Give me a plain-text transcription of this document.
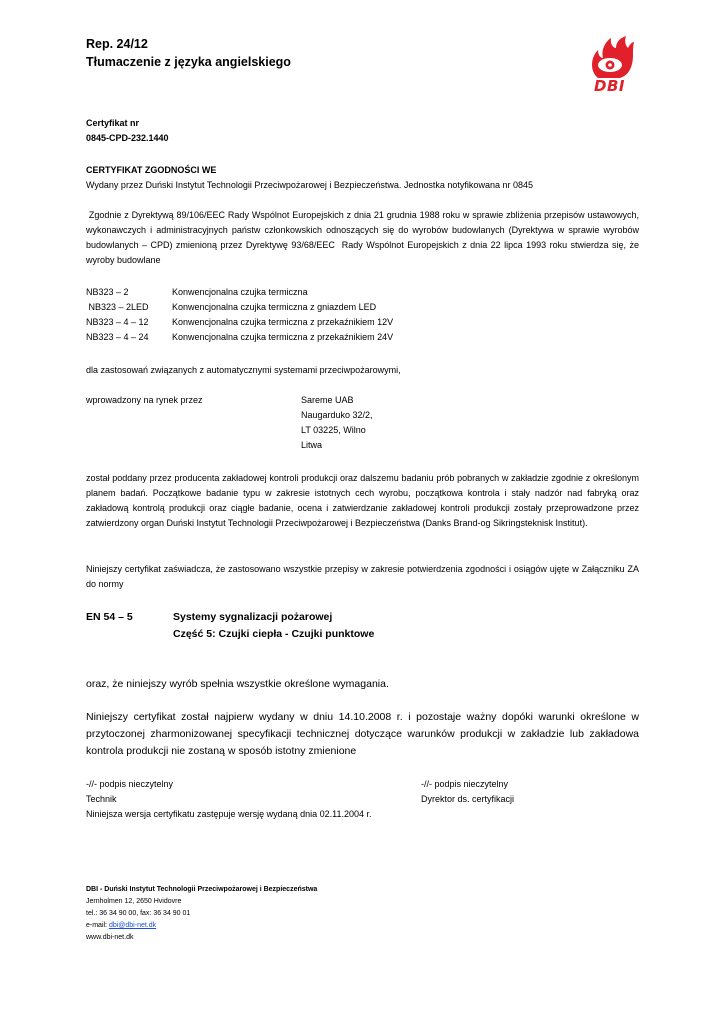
Rep. 24/12
Tłumaczenie z języka angielskiego
DBI
Certyfikat nr
0845-CPD-232.1440
CERTYFIKAT ZGODNOŚCI WE
Wydany przez Duński Instytut Technologii Przeciwpożarowej i Bezpieczeństwa. Jednostka notyfikowana nr 0845
Zgodnie z Dyrektywą 89/106/EEC Rady Wspólnot Europejskich z dnia 21 grudnia 1988 roku w sprawie zbliżenia przepisów ustawowych, wykonawczych i administracyjnych państw członkowskich odnoszących się do wyrobów budowlanych (Dyrektywa w sprawie wyrobów budowlanych – CPD) zmienioną przez Dyrektywę 93/68/EEC  Rady Wspólnot Europejskich z dnia 22 lipca 1993 roku stwierdza się, że wyroby budowlane
NB323 – 2	Konwencjonalna czujka termiczna
NB323 – 2LED	Konwencjonalna czujka termiczna z gniazdem LED
NB323 – 4 – 12	Konwencjonalna czujka termiczna z przekaźnikiem 12V
NB323 – 4 – 24	Konwencjonalna czujka termiczna z przekaźnikiem 24V
dla zastosowań związanych z automatycznymi systemami przeciwpożarowymi,
wprowadzony na rynek przez	Sareme UAB
Naugarduko 32/2,
LT 03225, Wilno
Litwa
został poddany przez producenta zakładowej kontroli produkcji oraz dalszemu badaniu prób pobranych w zakładzie zgodnie z określonym planem badań. Początkowe badanie typu w zakresie istotnych cech wyrobu, początkowa kontrola i stały nadzór nad fabryką oraz zakładową kontrolą produkcji oraz ciągłe badanie, ocena i zatwierdzanie zakładowej kontroli produkcji zostały przeprowadzone przez zatwierdzony organ Duński Instytut Technologii Przeciwpożarowej i Bezpieczeństwa (Danks Brand-og Sikringsteknisk Institut).
Niniejszy certyfikat zaświadcza, że zastosowano wszystkie przepisy w zakresie potwierdzenia zgodności i osiągów ujęte w Załączniku ZA do normy
EN 54 – 5	Systemy sygnalizacji pożarowej
Część 5: Czujki ciepła - Czujki punktowe
oraz, że niniejszy wyrób spełnia wszystkie określone wymagania.
Niniejszy certyfikat został najpierw wydany w dniu 14.10.2008 r. i pozostaje ważny dopóki warunki określone w przytoczonej zharmonizowanej specyfikacji technicznej dotyczące warunków produkcji w zakładzie lub zakładowa kontrola produkcji nie zostaną w sposób istotny zmienione
-//- podpis nieczytelny
Technik
-//- podpis nieczytelny
Dyrektor ds. certyfikacji
Niniejsza wersja certyfikatu zastępuje wersję wydaną dnia 02.11.2004 r.
DBI - Duński Instytut Technologii Przeciwpożarowej i Bezpieczeństwa
Jernholmen 12, 2650 Hvidovre
tel.: 36 34 90 00, fax: 36 34 90 01
e-mail: dbi@dbi-net.dk
www.dbi-net.dk
